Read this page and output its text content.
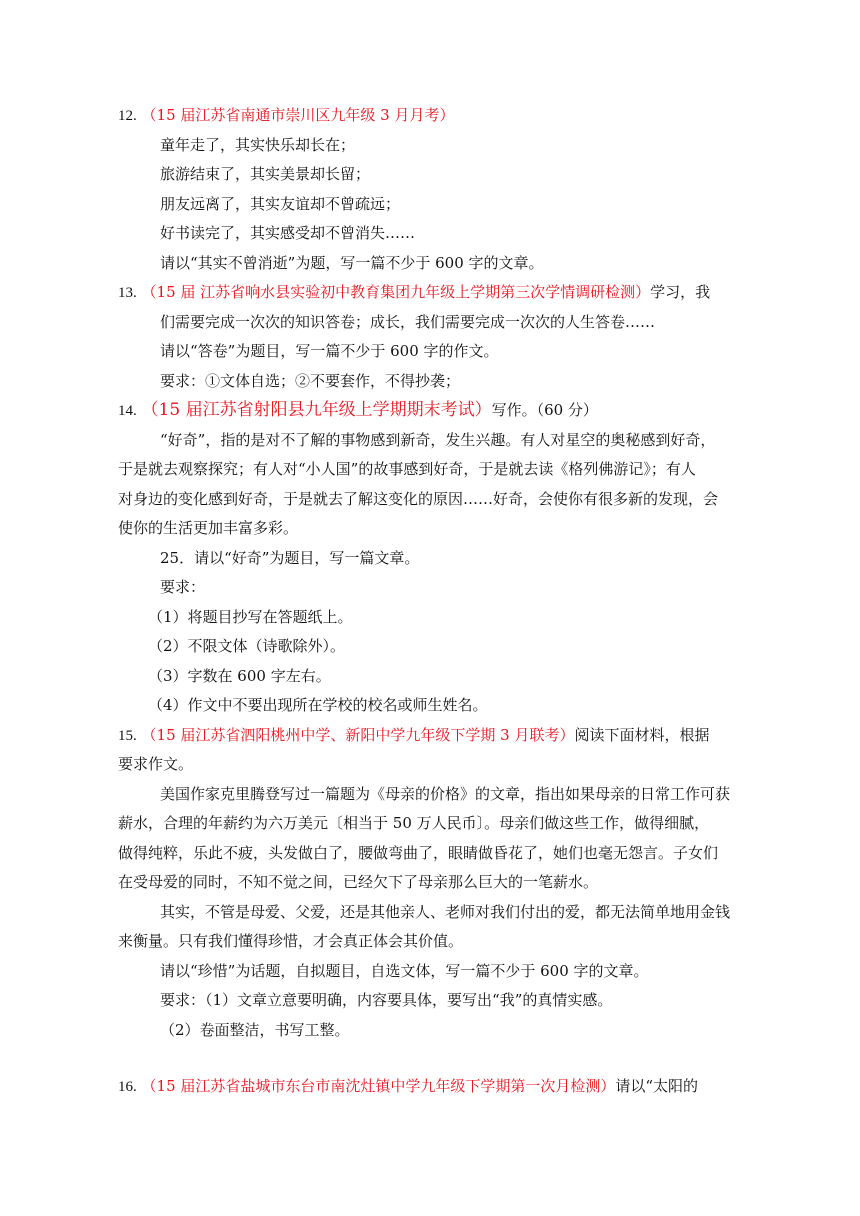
12. （15 届江苏省南通市崇川区九年级 3 月月考）
童年走了，其实快乐却长在；
旅游结束了，其实美景却长留；
朋友远离了，其实友谊却不曾疏远；
好书读完了，其实感受却不曾消失……
请以“其实不曾消逝”为题，写一篇不少于 600 字的文章。
13. （15 届 江苏省响水县实验初中教育集团九年级上学期第三次学情调研检测）学习，我
们需要完成一次次的知识答卷；成长，我们需要完成一次次的人生答卷……
请以“答卷”为题目，写一篇不少于 600 字的作文。
要求：①文体自选；②不要套作，不得抄袭；
14. （15 届江苏省射阳县九年级上学期期末考试）写作。（60 分）
“好奇”，指的是对不了解的事物感到新奇，发生兴趣。有人对星空的奥秘感到好奇，
于是就去观察探究；有人对“小人国”的故事感到好奇，于是就去读《格列佛游记》；有人
对身边的变化感到好奇，于是就去了解这变化的原因……好奇，会使你有很多新的发现，会
使你的生活更加丰富多彩。
25．请以“好奇”为题目，写一篇文章。
要求：
（1）将题目抄写在答题纸上。
（2）不限文体（诗歌除外）。
（3）字数在 600 字左右。
（4）作文中不要出现所在学校的校名或师生姓名。
15. （15 届江苏省泗阳桃州中学、新阳中学九年级下学期 3 月联考）阅读下面材料，根据
要求作文。
美国作家克里腾登写过一篇题为《母亲的价格》的文章，指出如果母亲的日常工作可获
薪水，合理的年薪约为六万美元〔相当于 50 万人民币〕。母亲们做这些工作，做得细腻，
做得纯粹，乐此不疲，头发做白了，腰做弯曲了，眼睛做昏花了，她们也毫无怨言。子女们
在受母爱的同时，不知不觉之间，已经欠下了母亲那么巨大的一笔薪水。
其实，不管是母爱、父爱，还是其他亲人、老师对我们付出的爱，都无法简单地用金钱
来衡量。只有我们懂得珍惜，才会真正体会其价值。
请以“珍惜”为话题，自拟题目，自选文体，写一篇不少于 600 字的文章。
要求：（1）文章立意要明确，内容要具体，要写出“我”的真情实感。
（2）卷面整洁，书写工整。
16. （15 届江苏省盐城市东台市南沈灶镇中学九年级下学期第一次月检测）请以“太阳的
